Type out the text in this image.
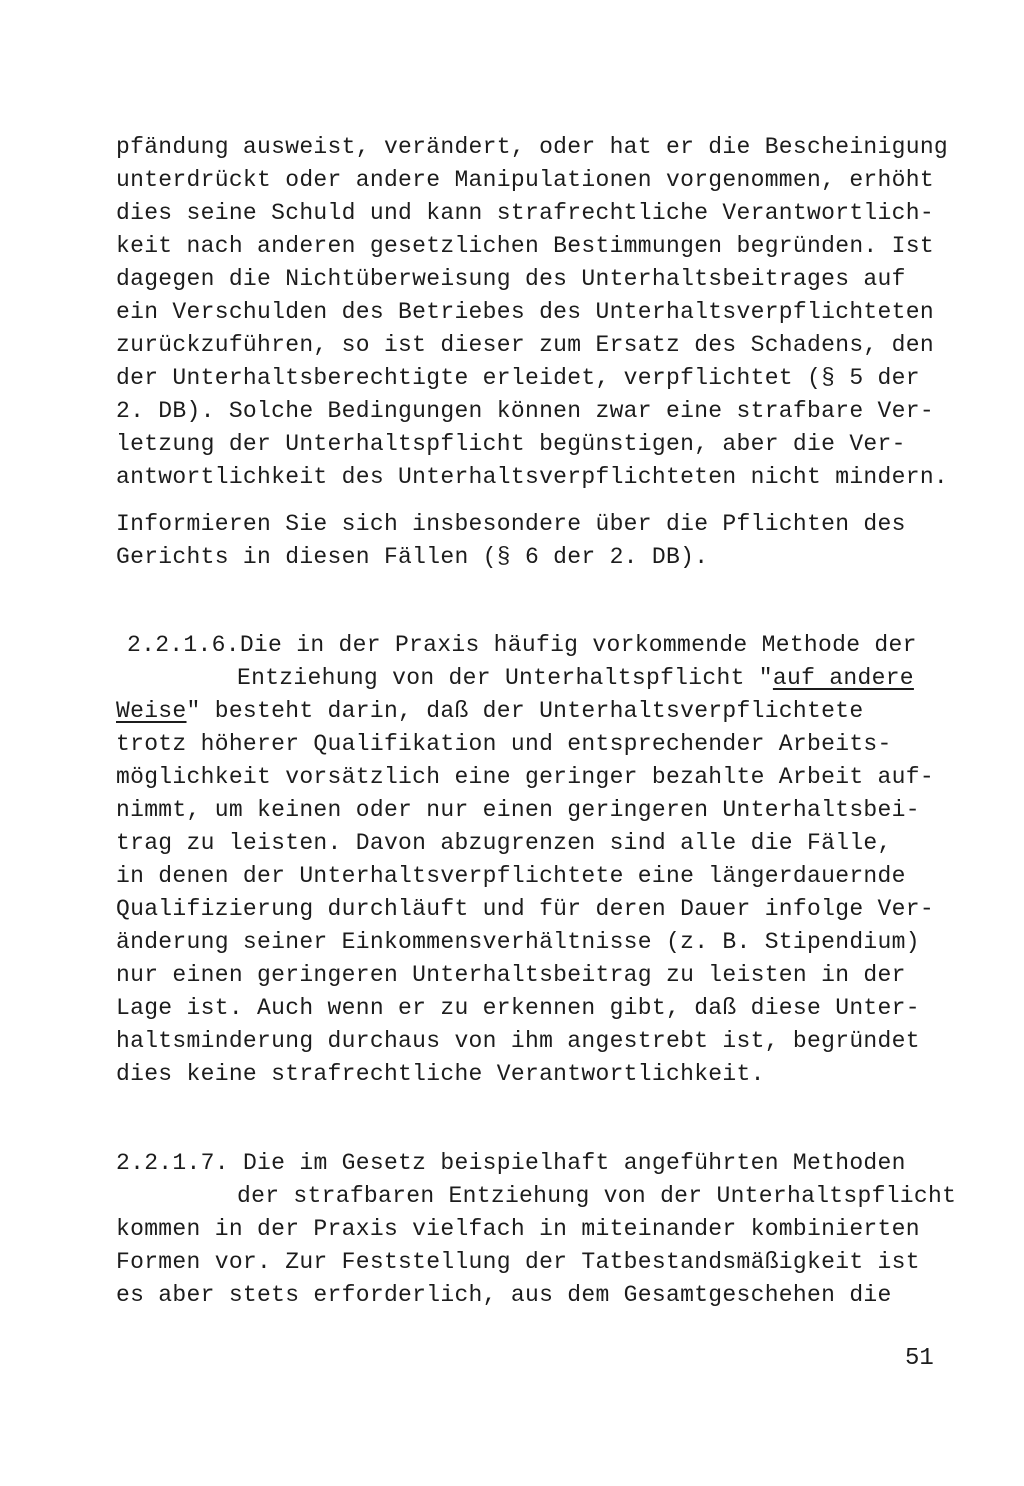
pfändung ausweist, verändert, oder hat er die Bescheinigung
unterdrückt oder andere Manipulationen vorgenommen, erhöht
dies seine Schuld und kann strafrechtliche Verantwortlich-
keit nach anderen gesetzlichen Bestimmungen begründen. Ist
dagegen die Nichtüberweisung des Unterhaltsbeitrages auf
ein Verschulden des Betriebes des Unterhaltsverpflichteten
zurückzuführen, so ist dieser zum Ersatz des Schadens, den
der Unterhaltsberechtigte erleidet, verpflichtet (§ 5 der
2. DB). Solche Bedingungen können zwar eine strafbare Ver-
letzung der Unterhaltspflicht begünstigen, aber die Ver-
antwortlichkeit des Unterhaltsverpflichteten nicht mindern.
Informieren Sie sich insbesondere über die Pflichten des
Gerichts in diesen Fällen (§ 6 der 2. DB).
2.2.1.6.Die in der Praxis häufig vorkommende Methode der
Entziehung von der Unterhaltspflicht "auf andere
Weise" besteht darin, daß der Unterhaltsverpflichtete
trotz höherer Qualifikation und entsprechender Arbeits-
möglichkeit vorsätzlich eine geringer bezahlte Arbeit auf-
nimmt, um keinen oder nur einen geringeren Unterhaltsbei-
trag zu leisten. Davon abzugrenzen sind alle die Fälle,
in denen der Unterhaltsverpflichtete eine längerdauernde
Qualifizierung durchläuft und für deren Dauer infolge Ver-
änderung seiner Einkommensverhältnisse (z. B. Stipendium)
nur einen geringeren Unterhaltsbeitrag zu leisten in der
Lage ist. Auch wenn er zu erkennen gibt, daß diese Unter-
haltsminderung durchaus von ihm angestrebt ist, begründet
dies keine strafrechtliche Verantwortlichkeit.
2.2.1.7. Die im Gesetz beispielhaft angeführten Methoden
der strafbaren Entziehung von der Unterhaltspflicht
kommen in der Praxis vielfach in miteinander kombinierten
Formen vor. Zur Feststellung der Tatbestandsmäßigkeit ist
es aber stets erforderlich, aus dem Gesamtgeschehen die
51
